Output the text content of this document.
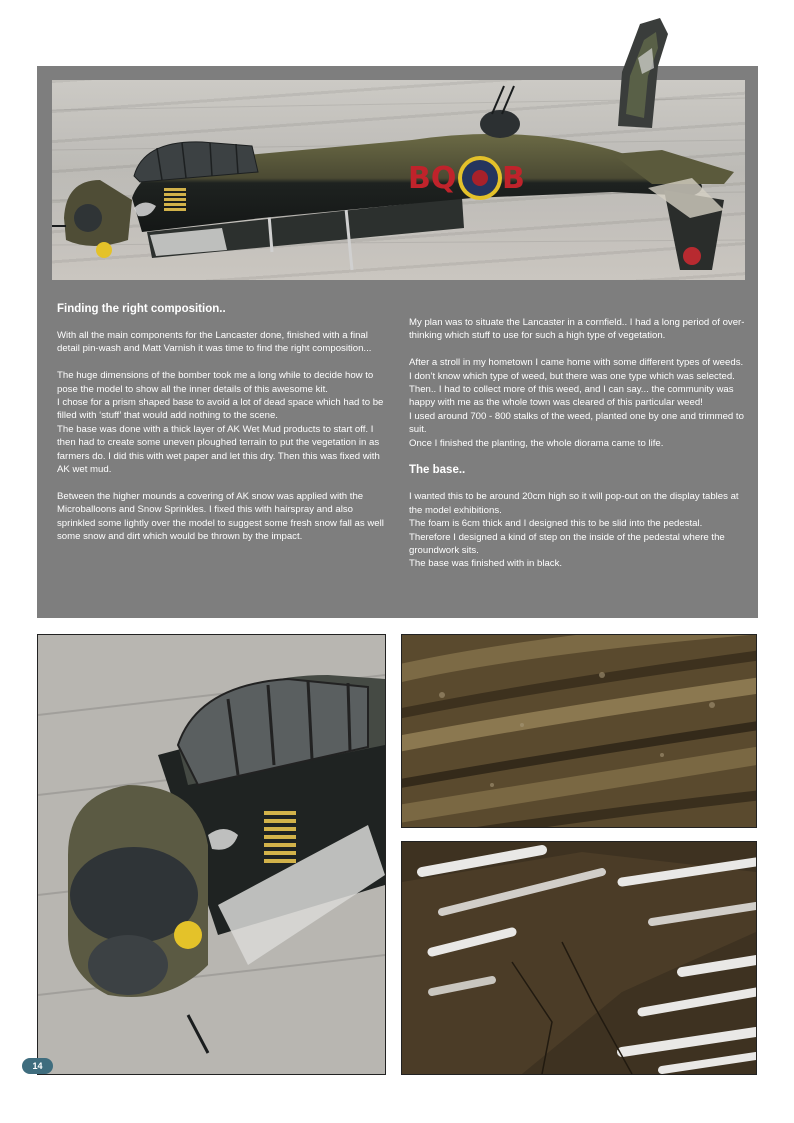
BQ B
Finding the right composition..

With all the main components for the Lancaster done, finished with a final detail pin-wash and Matt Varnish it was time to find the right composition...

The huge dimensions of the bomber took me a long while to decide how to pose the model to show all the inner details of this awesome kit.
I chose for a prism shaped base to avoid a lot of dead space which had to be filled with ‘stuff’ that would add nothing to the scene.
The base was done with a thick layer of AK Wet Mud products to start off. I then had to create some uneven ploughed terrain to put the vegetation in as farmers do. I did this with wet paper and let this dry. Then this was fixed with AK wet mud.

Between the higher mounds a covering of AK snow was applied with the Microballoons and Snow Sprinkles. I fixed this with hairspray and also sprinkled some lightly over the model to suggest some fresh snow fall as well some snow and dirt which would be thrown by the impact.

My plan was to situate the Lancaster in a cornfield.. I had a long period of over-thinking which stuff to use for such a high type of vegetation.

After a stroll in my hometown I came home with some different types of weeds. I don’t know which type of weed, but there was one type which was selected.
Then.. I had to collect more of this weed, and I can say... the community was happy with me as the whole town was cleared of this particular weed!
I used around 700 - 800 stalks of the weed, planted one by one and trimmed to suit.
Once I finished the planting, the whole diorama came to life.

The base..

I wanted this to be around 20cm high so it will pop-out on the display tables at the model exhibitions.
The foam is 6cm thick and I designed this to be slid into the pedestal. Therefore I designed a kind of step on the inside of the pedestal where the groundwork sits.
The base was finished with in black.

14
